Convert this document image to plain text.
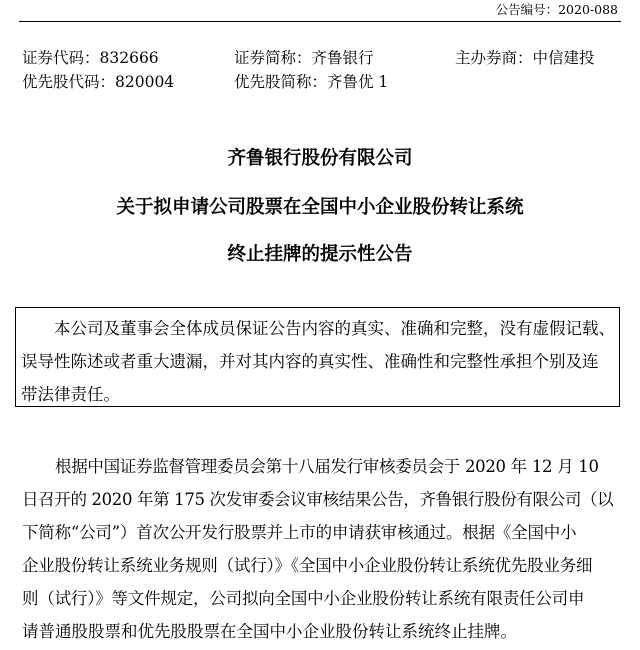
公告编号：2020-088
证券代码：832666	证券简称：齐鲁银行	主办券商：中信建投
优先股代码：820004	优先股简称：齐鲁优 1
齐鲁银行股份有限公司
关于拟申请公司股票在全国中小企业股份转让系统
终止挂牌的提示性公告
本公司及董事会全体成员保证公告内容的真实、准确和完整，没有虚假记载、
误导性陈述或者重大遗漏，并对其内容的真实性、准确性和完整性承担个别及连
带法律责任。
根据中国证券监督管理委员会第十八届发行审核委员会于 2020 年 12 月 10
日召开的 2020 年第 175 次发审委会议审核结果公告，齐鲁银行股份有限公司（以
下简称“公司”）首次公开发行股票并上市的申请获审核通过。根据《全国中小
企业股份转让系统业务规则（试行）》《全国中小企业股份转让系统优先股业务细
则（试行）》等文件规定，公司拟向全国中小企业股份转让系统有限责任公司申
请普通股股票和优先股股票在全国中小企业股份转让系统终止挂牌。
